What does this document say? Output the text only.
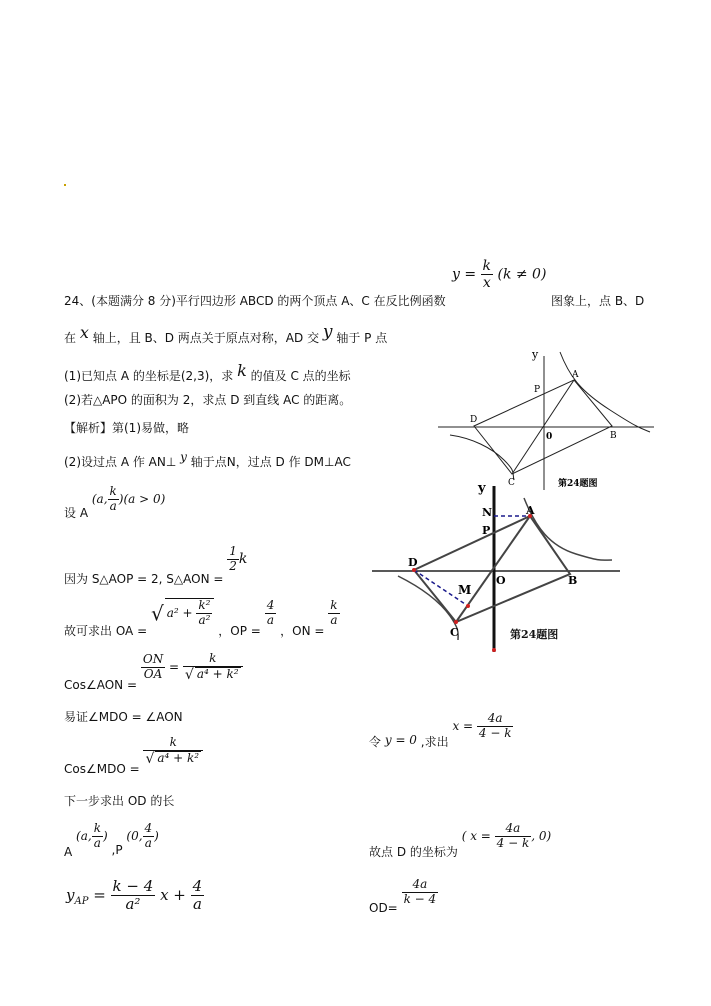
$y = \frac{k}{x} (k \ne 0)$
24、(本题满分 8 分)平行四边形 ABCD 的两个顶点 A、C 在反比例函数	图象上，点 B、D
在 x 轴上，且 B、D 两点关于原点对称，AD 交 y 轴于 P 点
(1)已知点 A 的坐标是(2,3)，求 k 的值及 C 点的坐标
(2)若△APO 的面积为 2，求点 D 到直线 AC 的距离。
【解析】第(1)易做，略
(2)设过点 A 作 AN⊥ y 轴于点N，过点 D 作 DM⊥AC
设 A (a, $\frac{k}{a} )(a > 0)$
因为 S△AOP = 2, S△AON =
$\frac{1}{2}$ k
故可求出 OA = √ $a^2 + \frac{\text{k²}}{\text{a²}}$
，OP =
$\frac{4}{a}$
，ON =
$\frac{k}{a}$
Cos∠AON =
$\frac{ON}{OA} = \frac{k}{\text{√ a⁴ + k²}}$
易证∠MDO = ∠AON
Cos∠MDO =
$\frac{k}{\text{√ a⁴ + k²}}$
下一步求出 OD 的长
A (a, $\frac{k}{a}$ ) ,P (0, $\frac{4}{a}$ )
$y_{AP} = \frac{k - 4}{\text{a²}}$ $x + \frac{4}{a}$
令 y = 0 ,求出 $x = \frac{4a}{4 - k}$
故点 D 的坐标为 ( $x = \frac{4a}{4 - k}$ , 0)
OD=
$\frac{4a}{k - 4}$
y
A
P
D
0	B
C	第24题图
y
N	A
P
D
O	B
M
C	第24题图
